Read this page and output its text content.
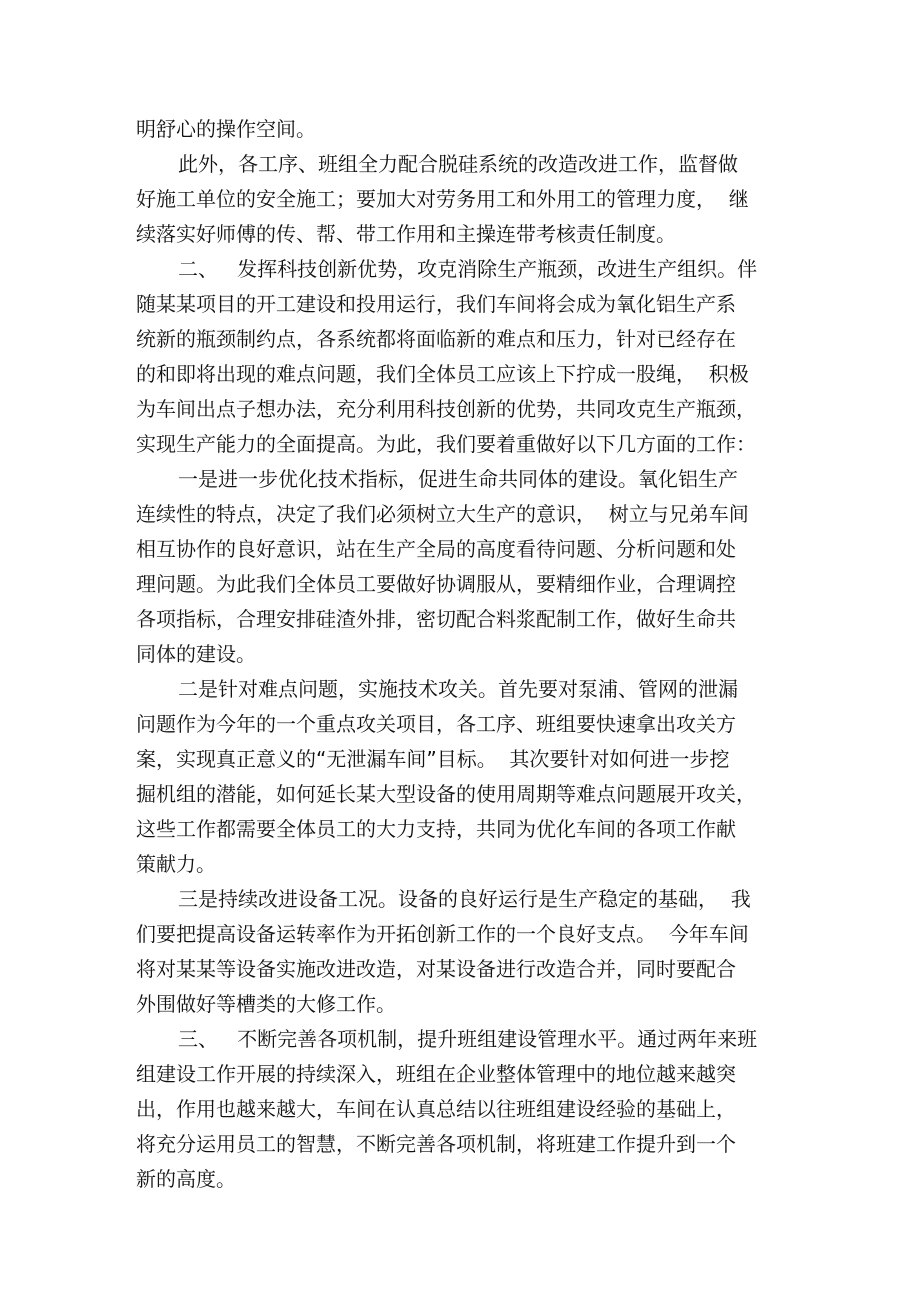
明舒心的操作空间。
此外，各工序、班组全力配合脱硅系统的改造改进工作，监督做
好施工单位的安全施工；要加大对劳务用工和外用工的管理力度，  继
续落实好师傅的传、帮、带工作用和主操连带考核责任制度。
二、   发挥科技创新优势，攻克消除生产瓶颈，改进生产组织。伴
随某某项目的开工建设和投用运行，我们车间将会成为氧化铝生产系
统新的瓶颈制约点，各系统都将面临新的难点和压力，针对已经存在
的和即将出现的难点问题，我们全体员工应该上下拧成一股绳，  积极
为车间出点子想办法，充分利用科技创新的优势，共同攻克生产瓶颈，
实现生产能力的全面提高。为此，我们要着重做好以下几方面的工作：
一是进一步优化技术指标，促进生命共同体的建设。氧化铝生产
连续性的特点，决定了我们必须树立大生产的意识，  树立与兄弟车间
相互协作的良好意识，站在生产全局的高度看待问题、分析问题和处
理问题。为此我们全体员工要做好协调服从，要精细作业，合理调控
各项指标，合理安排硅渣外排，密切配合料浆配制工作，做好生命共
同体的建设。
二是针对难点问题，实施技术攻关。首先要对泵浦、管网的泄漏
问题作为今年的一个重点攻关项目，各工序、班组要快速拿出攻关方
案，实现真正意义的“无泄漏车间”目标。  其次要针对如何进一步挖
掘机组的潜能，如何延长某大型设备的使用周期等难点问题展开攻关，
这些工作都需要全体员工的大力支持，共同为优化车间的各项工作献
策献力。
三是持续改进设备工况。设备的良好运行是生产稳定的基础，  我
们要把提高设备运转率作为开拓创新工作的一个良好支点。  今年车间
将对某某等设备实施改进改造，对某设备进行改造合并，同时要配合
外围做好等槽类的大修工作。
三、   不断完善各项机制，提升班组建设管理水平。通过两年来班
组建设工作开展的持续深入，班组在企业整体管理中的地位越来越突
出，作用也越来越大，车间在认真总结以往班组建设经验的基础上，
将充分运用员工的智慧，不断完善各项机制，将班建工作提升到一个
新的高度。
